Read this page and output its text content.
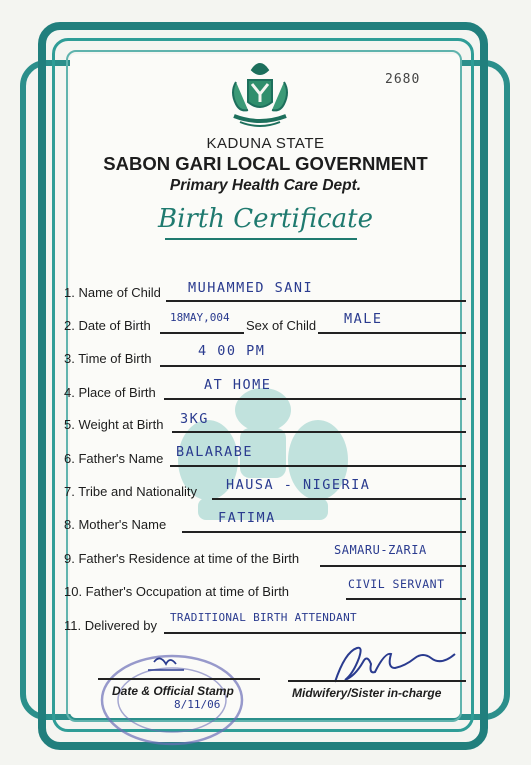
2680
KADUNA STATE
SABON GARI LOCAL GOVERNMENT
Primary Health Care Dept.
Birth Certificate
1. Name of Child MUHAMMED SANI
2. Date of Birth
18MAY,004
Sex of Child MALE
3. Time of Birth	4 00 PM
4. Place of Birth	AT HOME
5. Weight at Birth 3KG
6. Father's Name BALARABE
7. Tribe and Nationality HAUSA - NIGERIA
8. Mother's Name	FATIMA
9. Father's Residence at time of the Birth
SAMARU-ZARIA
10. Father's Occupation at time of Birth	CIVIL SERVANT
11. Delivered by
TRADITIONAL BIRTH ATTENDANT
8/11/06
Date & Official Stamp	Midwifery/Sister in-charge
